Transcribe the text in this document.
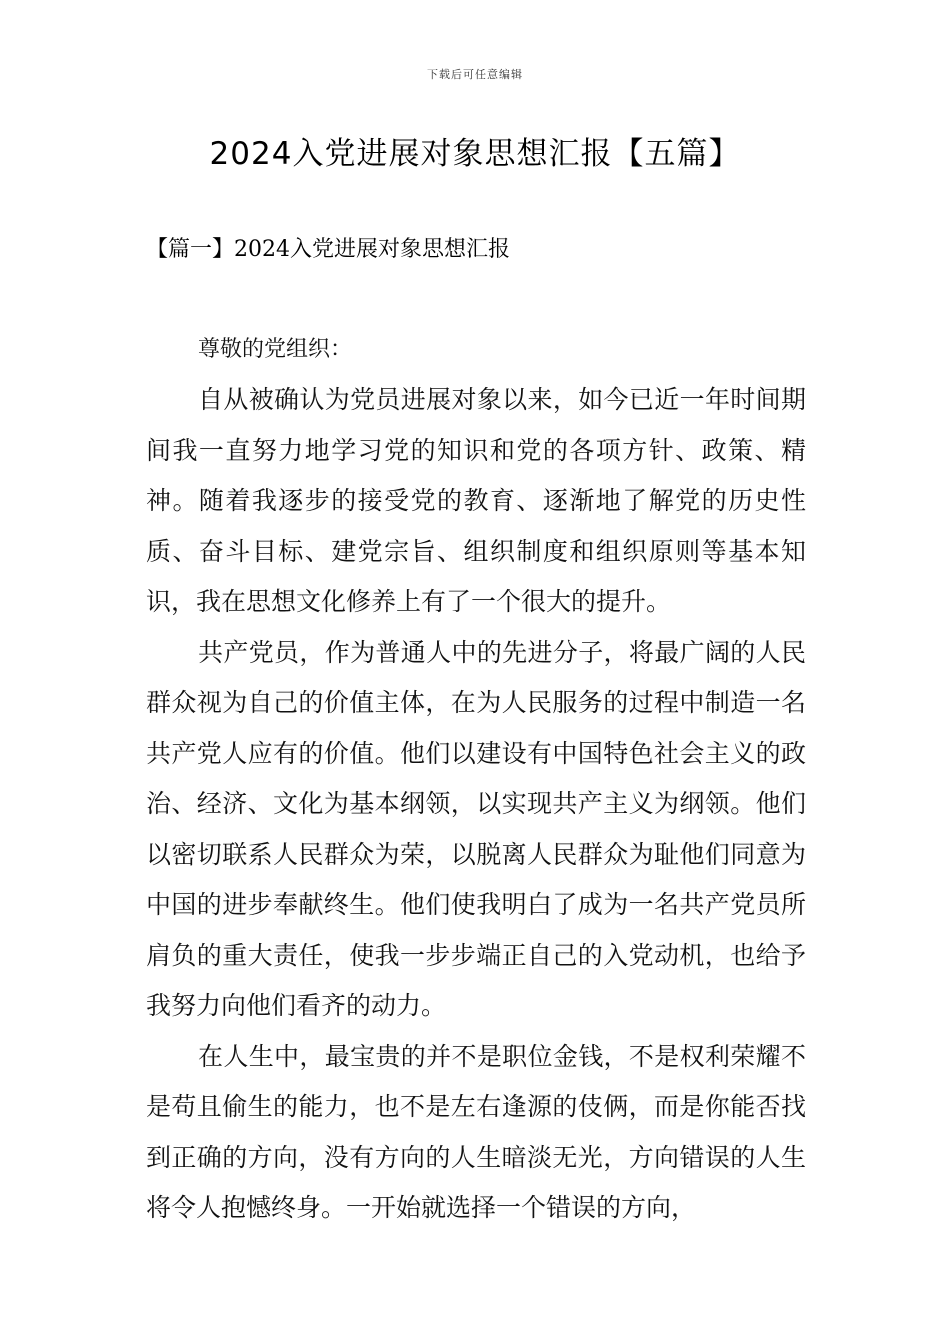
下载后可任意编辑
2024入党进展对象思想汇报【五篇】
【篇一】2024入党进展对象思想汇报

尊敬的党组织：

自从被确认为党员进展对象以来，如今已近一年时间期间我一直努力地学习党的知识和党的各项方针、政策、精神。随着我逐步的接受党的教育、逐渐地了解党的历史性质、奋斗目标、建党宗旨、组织制度和组织原则等基本知识，我在思想文化修养上有了一个很大的提升。

共产党员，作为普通人中的先进分子，将最广阔的人民群众视为自己的价值主体，在为人民服务的过程中制造一名共产党人应有的价值。他们以建设有中国特色社会主义的政治、经济、文化为基本纲领，以实现共产主义为纲领。他们以密切联系人民群众为荣，以脱离人民群众为耻他们同意为中国的进步奉献终生。他们使我明白了成为一名共产党员所肩负的重大责任，使我一步步端正自己的入党动机，也给予我努力向他们看齐的动力。

在人生中，最宝贵的并不是职位金钱，不是权利荣耀不是苟且偷生的能力，也不是左右逢源的伎俩，而是你能否找到正确的方向，没有方向的人生暗淡无光，方向错误的人生将令人抱憾终身。一开始就选择一个错误的方向，
